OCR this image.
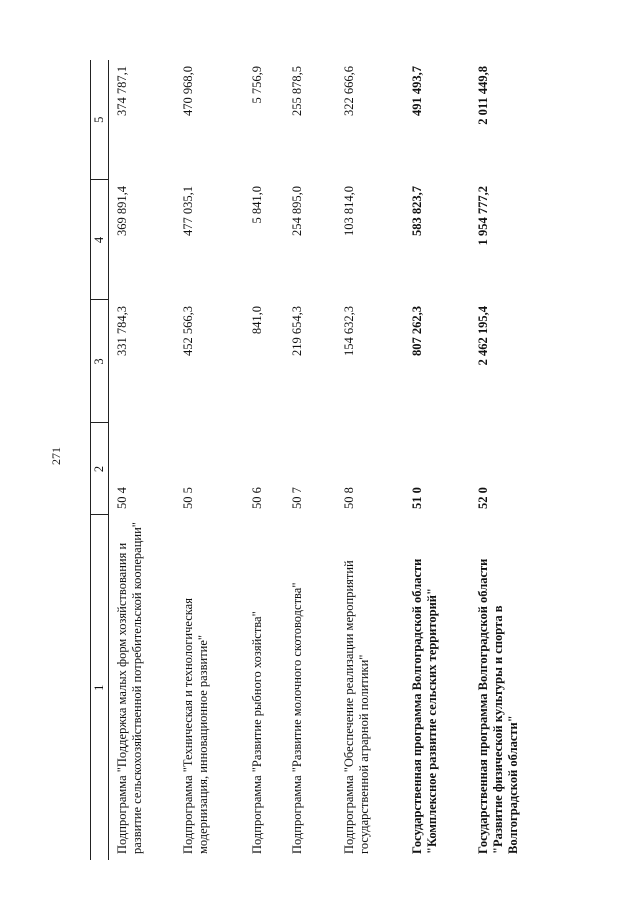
271
1	2	3	4	5
Подпрограмма "Поддержка малых форм хозяйствования и развитие сельскохозяйственной потребительской кооперации"	50 4	331 784,3	369 891,4	374 787,1
Подпрограмма "Техническая и технологическая модернизация, инновационное развитие"	50 5	452 566,3	477 035,1	470 968,0
Подпрограмма "Развитие рыбного хозяйства"	50 6	841,0	5 841,0	5 756,9
Подпрограмма "Развитие молочного скотоводства"	50 7	219 654,3	254 895,0	255 878,5
Подпрограмма "Обеспечение реализации мероприятий государственной аграрной политики"	50 8	154 632,3	103 814,0	322 666,6
Государственная программа Волгоградской области "Комплексное развитие сельских территорий"	51 0	807 262,3	583 823,7	491 493,7
Государственная программа Волгоградской области "Развитие физической культуры и спорта в Волгоградской области"	52 0	2 462 195,4	1 954 777,2	2 011 449,8
